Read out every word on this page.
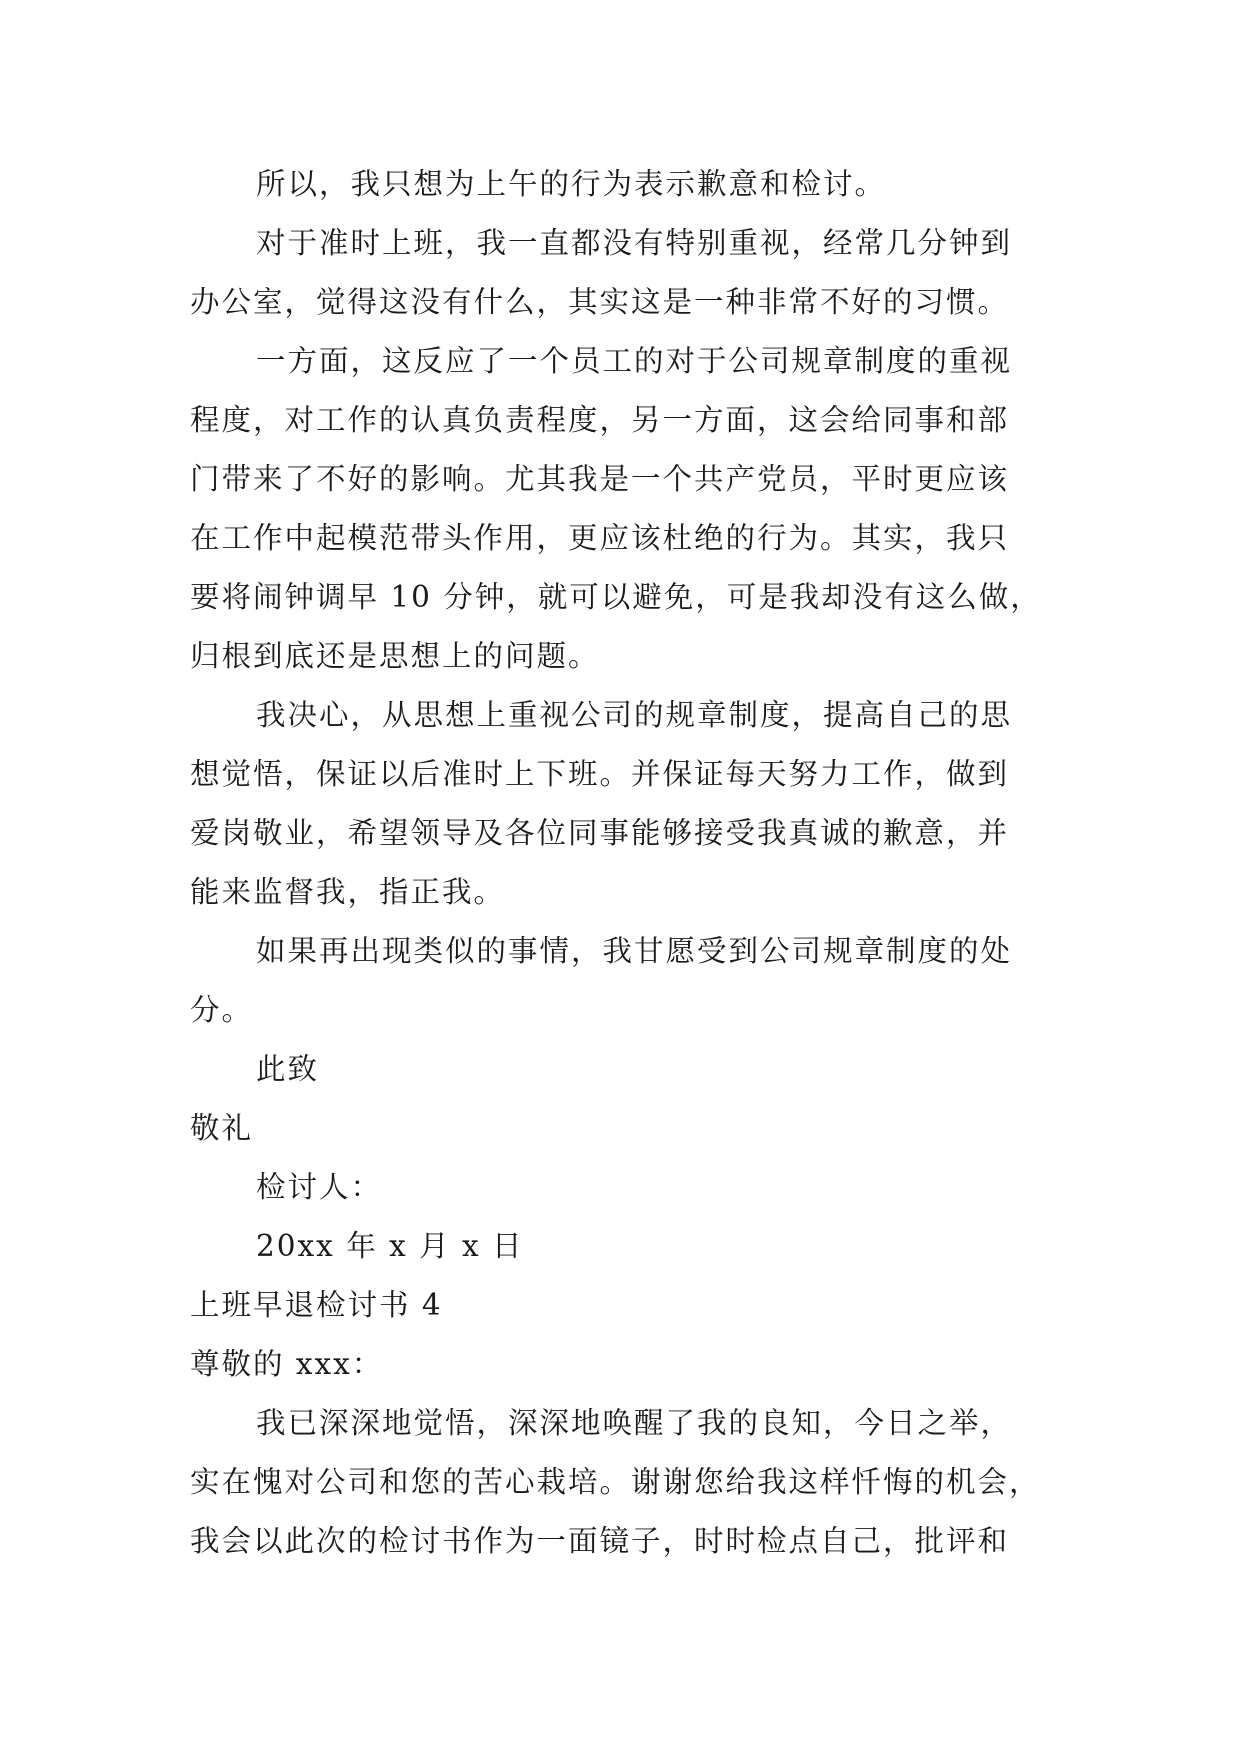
所以，我只想为上午的行为表示歉意和检讨。
对于准时上班，我一直都没有特别重视，经常几分钟到
办公室，觉得这没有什么，其实这是一种非常不好的习惯。
一方面，这反应了一个员工的对于公司规章制度的重视
程度，对工作的认真负责程度，另一方面，这会给同事和部
门带来了不好的影响。尤其我是一个共产党员，平时更应该
在工作中起模范带头作用，更应该杜绝的行为。其实，我只
要将闹钟调早 10 分钟，就可以避免，可是我却没有这么做，
归根到底还是思想上的问题。
我决心，从思想上重视公司的规章制度，提高自己的思
想觉悟，保证以后准时上下班。并保证每天努力工作，做到
爱岗敬业，希望领导及各位同事能够接受我真诚的歉意，并
能来监督我，指正我。
如果再出现类似的事情，我甘愿受到公司规章制度的处
分。
此致
敬礼
检讨人：
20xx 年 x 月 x 日
上班早退检讨书 4
尊敬的 xxx：
我已深深地觉悟，深深地唤醒了我的良知，今日之举，
实在愧对公司和您的苦心栽培。谢谢您给我这样忏悔的机会，
我会以此次的检讨书作为一面镜子，时时检点自己，批评和
